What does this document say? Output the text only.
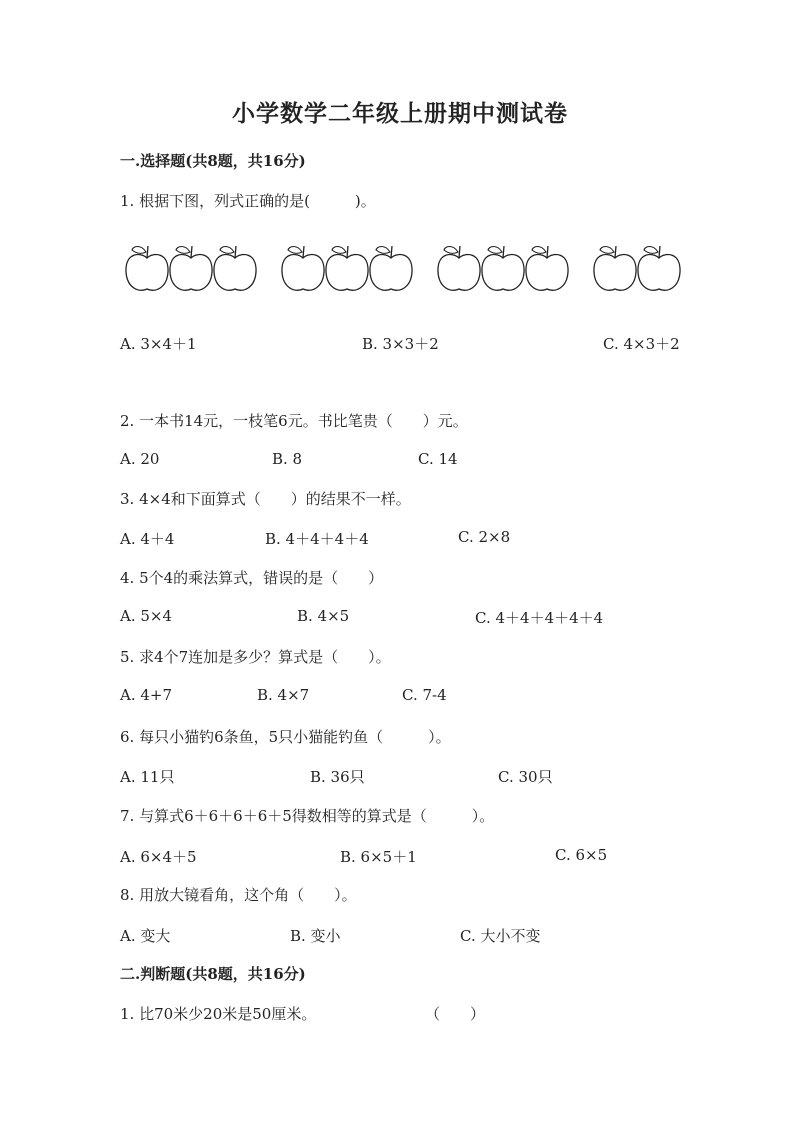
小学数学二年级上册期中测试卷
一.选择题(共8题，共16分)
1. 根据下图，列式正确的是(　　　)。
A. 3×4＋1	B. 3×3＋2	C. 4×3＋2
2. 一本书14元，一枝笔6元。书比笔贵（　　）元。
A. 20	B. 8	C. 14
3. 4×4和下面算式（　　）的结果不一样。
A. 4＋4	B. 4＋4＋4＋4	C. 2×8
4. 5个4的乘法算式，错误的是（　　）
A. 5×4	B. 4×5	C. 4＋4＋4＋4＋4
5. 求4个7连加是多少？算式是（　　）。
A. 4+7	B. 4×7	C. 7-4
6. 每只小猫钓6条鱼，5只小猫能钓鱼（　　　）。
A. 11只	B. 36只	C. 30只
7. 与算式6＋6＋6＋6＋5得数相等的算式是（　　　）。
A. 6×4＋5	B. 6×5＋1	C. 6×5
8. 用放大镜看角，这个角（　　）。
A. 变大	B. 变小	C. 大小不变
二.判断题(共8题，共16分)
1. 比70米少20米是50厘米。	（　　）
